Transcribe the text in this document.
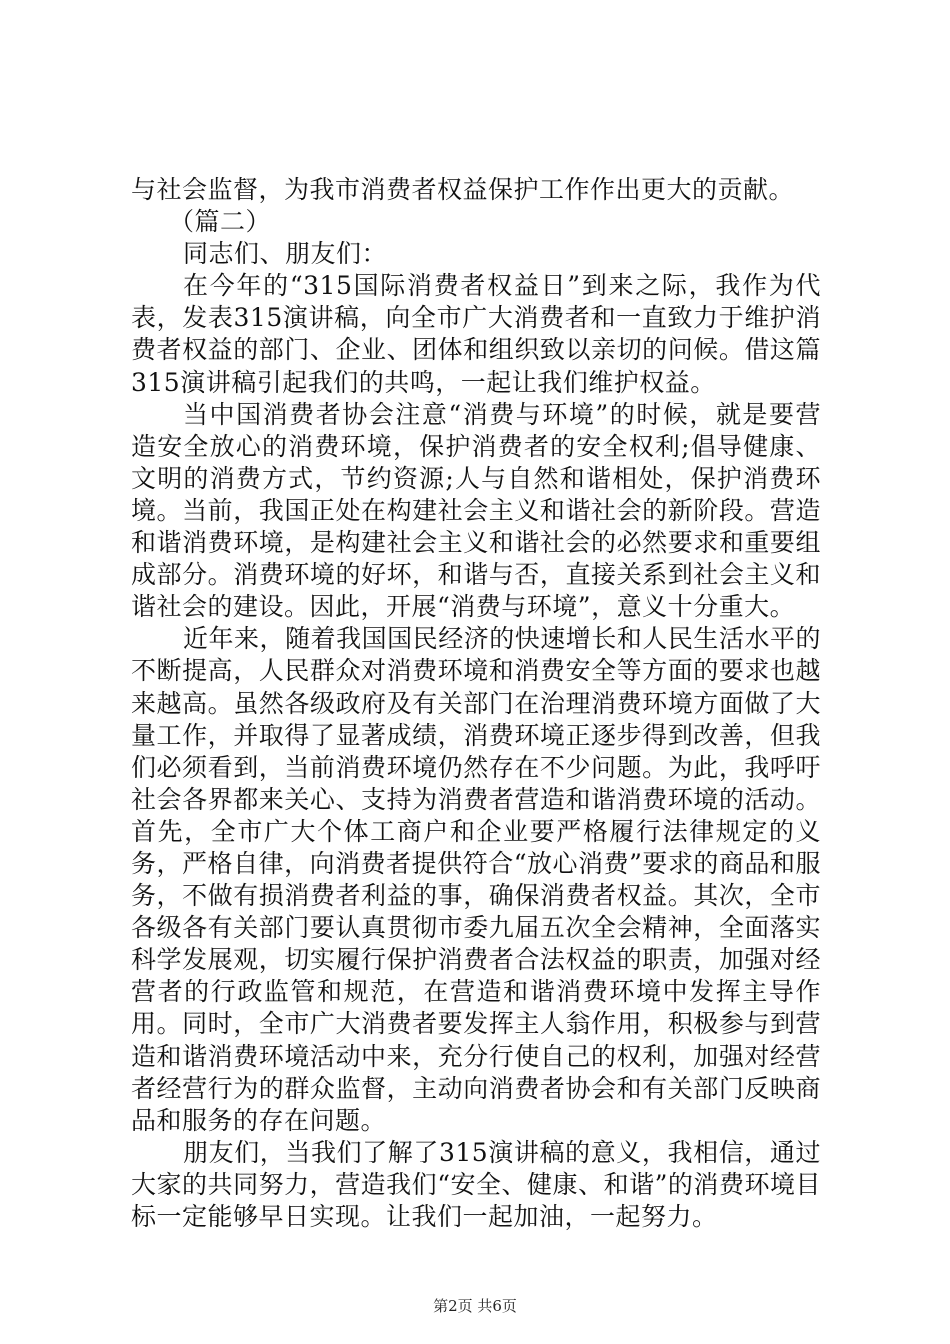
与社会监督，为我市消费者权益保护工作作出更大的贡献。

（篇二）

同志们、朋友们：

在今年的“315国际消费者权益日”到来之际，我作为代表，发表315演讲稿，向全市广大消费者和一直致力于维护消费者权益的部门、企业、团体和组织致以亲切的问候。借这篇315演讲稿引起我们的共鸣，一起让我们维护权益。

当中国消费者协会注意“消费与环境”的时候，就是要营造安全放心的消费环境，保护消费者的安全权利;倡导健康、文明的消费方式，节约资源;人与自然和谐相处，保护消费环境。当前，我国正处在构建社会主义和谐社会的新阶段。营造和谐消费环境，是构建社会主义和谐社会的必然要求和重要组成部分。消费环境的好坏，和谐与否，直接关系到社会主义和谐社会的建设。因此，开展“消费与环境”，意义十分重大。

近年来，随着我国国民经济的快速增长和人民生活水平的不断提高，人民群众对消费环境和消费安全等方面的要求也越来越高。虽然各级政府及有关部门在治理消费环境方面做了大量工作，并取得了显著成绩，消费环境正逐步得到改善，但我们必须看到，当前消费环境仍然存在不少问题。为此，我呼吁社会各界都来关心、支持为消费者营造和谐消费环境的活动。首先，全市广大个体工商户和企业要严格履行法律规定的义务，严格自律，向消费者提供符合“放心消费”要求的商品和服务，不做有损消费者利益的事，确保消费者权益。其次，全市各级各有关部门要认真贯彻市委九届五次全会精神，全面落实科学发展观，切实履行保护消费者合法权益的职责，加强对经营者的行政监管和规范，在营造和谐消费环境中发挥主导作用。同时，全市广大消费者要发挥主人翁作用，积极参与到营造和谐消费环境活动中来，充分行使自己的权利，加强对经营者经营行为的群众监督，主动向消费者协会和有关部门反映商品和服务的存在问题。

朋友们，当我们了解了315演讲稿的意义，我相信，通过大家的共同努力，营造我们“安全、健康、和谐”的消费环境目标一定能够早日实现。让我们一起加油，一起努力。

第2页 共6页
